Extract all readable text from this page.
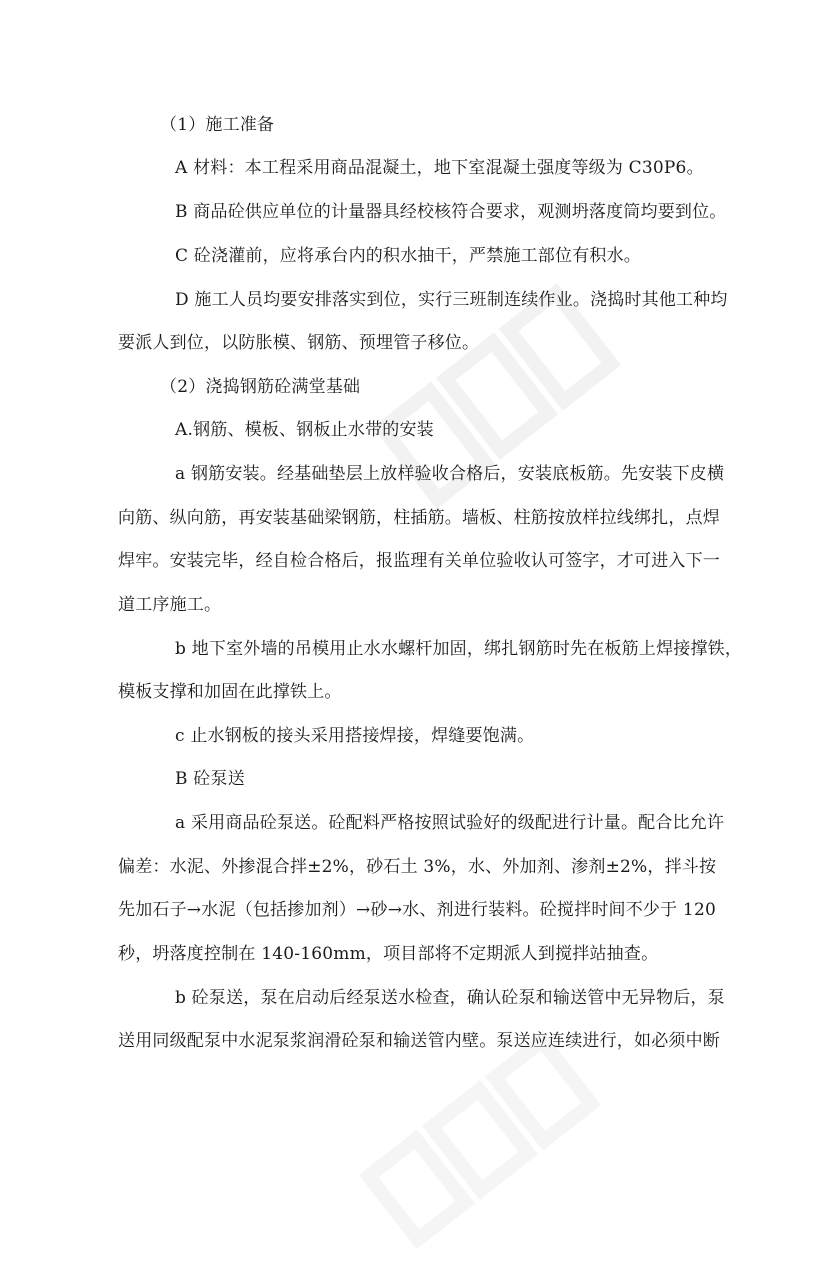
（1）施工准备
A 材料：本工程采用商品混凝土，地下室混凝土强度等级为 C30P6。
B 商品砼供应单位的计量器具经校核符合要求，观测坍落度筒均要到位。
C 砼浇灌前，应将承台内的积水抽干，严禁施工部位有积水。
D 施工人员均要安排落实到位，实行三班制连续作业。浇捣时其他工种均
要派人到位，以防胀模、钢筋、预埋管子移位。
（2）浇捣钢筋砼满堂基础
A.钢筋、模板、钢板止水带的安装
a 钢筋安装。经基础垫层上放样验收合格后，安装底板筋。先安装下皮横
向筋、纵向筋，再安装基础梁钢筋，柱插筋。墙板、柱筋按放样拉线绑扎，点焊
焊牢。安装完毕，经自检合格后，报监理有关单位验收认可签字，才可进入下一
道工序施工。
b 地下室外墙的吊模用止水水螺杆加固，绑扎钢筋时先在板筋上焊接撑铁，
模板支撑和加固在此撑铁上。
c 止水钢板的接头采用搭接焊接，焊缝要饱满。
B 砼泵送
a 采用商品砼泵送。砼配料严格按照试验好的级配进行计量。配合比允许
偏差：水泥、外掺混合拌±2%，砂石土 3%，水、外加剂、渗剂±2%，拌斗按
先加石子→水泥（包括掺加剂）→砂→水、剂进行装料。砼搅拌时间不少于 120
秒，坍落度控制在 140-160mm，项目部将不定期派人到搅拌站抽查。
b 砼泵送，泵在启动后经泵送水检查，确认砼泵和输送管中无异物后，泵
送用同级配泵中水泥泵浆润滑砼泵和输送管内壁。泵送应连续进行，如必须中断
